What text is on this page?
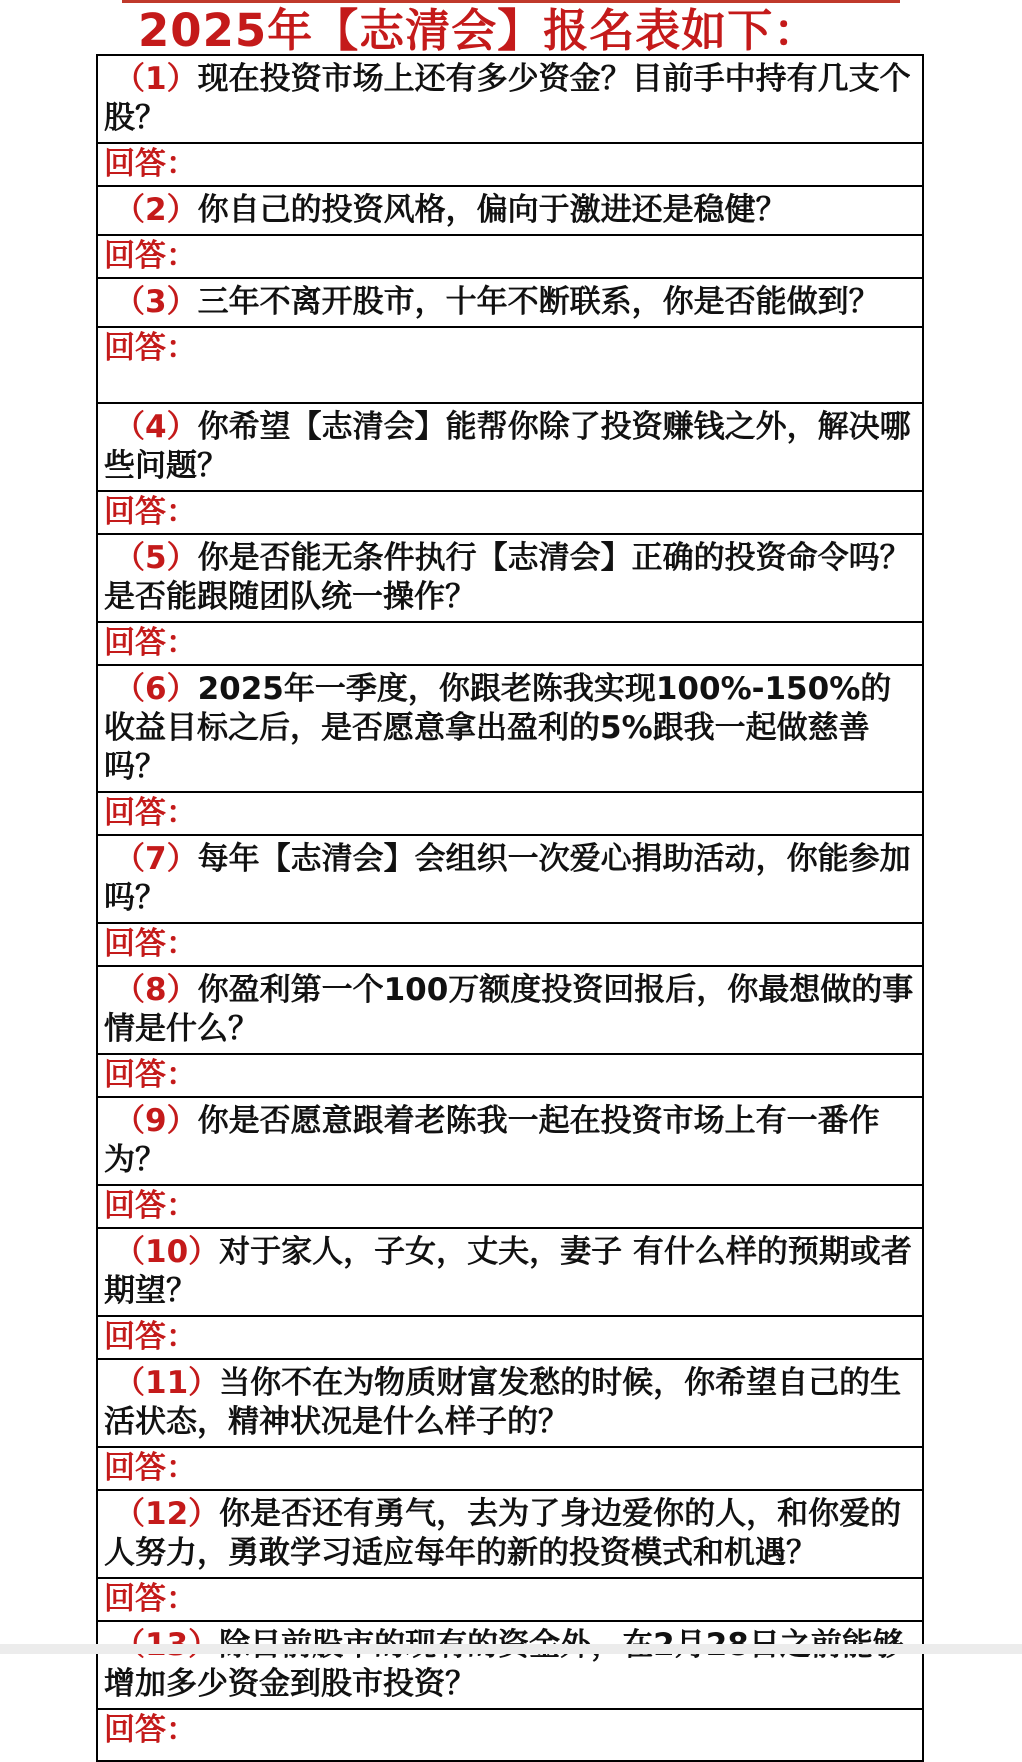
2025年【志清会】报名表如下：
（1）现在投资市场上还有多少资金？目前手中持有几支个股？
回答：
（2）你自己的投资风格，偏向于激进还是稳健？
回答：
（3）三年不离开股市，十年不断联系，你是否能做到？
回答：
（4）你希望【志清会】能帮你除了投资赚钱之外，解决哪些问题？
回答：
（5）你是否能无条件执行【志清会】正确的投资命令吗？是否能跟随团队统一操作？
回答：
（6）2025年一季度，你跟老陈我实现100%-150%的收益目标之后，是否愿意拿出盈利的5%跟我一起做慈善吗？
回答：
（7）每年【志清会】会组织一次爱心捐助活动，你能参加吗？
回答：
（8）你盈利第一个100万额度投资回报后，你最想做的事情是什么？
回答：
（9）你是否愿意跟着老陈我一起在投资市场上有一番作为？
回答：
（10）对于家人，子女，丈夫，妻子 有什么样的预期或者期望？
回答：
（11）当你不在为物质财富发愁的时候，你希望自己的生活状态，精神状况是什么样子的？
回答：
（12）你是否还有勇气，去为了身边爱你的人，和你爱的人努力，勇敢学习适应每年的新的投资模式和机遇？
回答：
增加多少资金到股市投资？
回答：
